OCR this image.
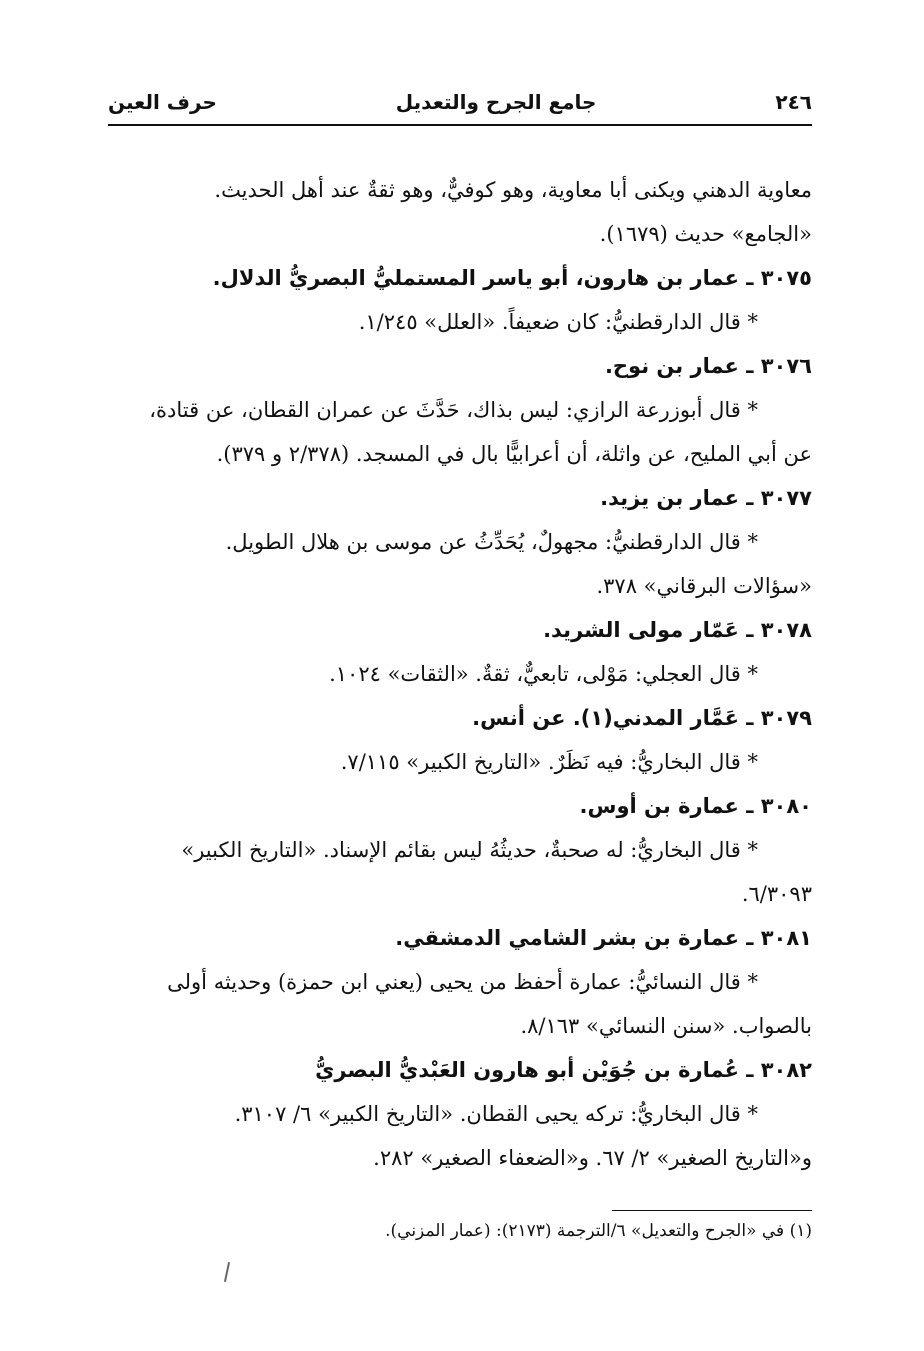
٢٤٦
جامع الجرح والتعديل
حرف العين

معاوية الدهني ويكنى أبا معاوية، وهو كوفيٌّ، وهو ثقةٌ عند أهل الحديث.

«الجامع» حديث (١٦٧٩).

٣٠٧٥ ـ عمار بن هارون، أبو ياسر المستمليُّ البصريُّ الدلال.

* قال الدارقطنيُّ: كان ضعيفاً. «العلل» ١/٢٤٥.

٣٠٧٦ ـ عمار بن نوح.

* قال أبوزرعة الرازي: ليس بذاك، حَدَّثَ عن عمران القطان، عن قتادة،

عن أبي المليح، عن واثلة، أن أعرابيًّا بال في المسجد. (٢/٣٧٨ و ٣٧٩).

٣٠٧٧ ـ عمار بن يزيد.

* قال الدارقطنيُّ: مجهولٌ، يُحَدِّثُ عن موسى بن هلال الطويل.

«سؤالات البرقاني» ٣٧٨.

٣٠٧٨ ـ عَمّار مولى الشريد.

* قال العجلي: مَوْلى، تابعيٌّ، ثقةٌ. «الثقات» ١٠٢٤.

٣٠٧٩ ـ عَمَّار المدني(١). عن أنس.

* قال البخاريُّ: فيه نَظَرٌ. «التاريخ الكبير» ٧/١١٥.

٣٠٨٠ ـ عمارة بن أوس.

* قال البخاريُّ: له صحبةٌ، حديثُهُ ليس بقائم الإسناد. «التاريخ الكبير»

٦/٣٠٩٣.

٣٠٨١ ـ عمارة بن بشر الشامي الدمشقي.

* قال النسائيُّ: عمارة أحفظ من يحيى (يعني ابن حمزة) وحديثه أولى

بالصواب. «سنن النسائي» ٨/١٦٣.

٣٠٨٢ ـ عُمارة بن جُوَيْن أبو هارون العَبْديُّ البصريُّ

* قال البخاريُّ: تركه يحيى القطان. «التاريخ الكبير» ٦/ ٣١٠٧.

و«التاريخ الصغير» ٢/ ٦٧. و«الضعفاء الصغير» ٢٨٢.

(١) في «الجرح والتعديل» ٦/الترجمة (٢١٧٣): (عمار المزني).
